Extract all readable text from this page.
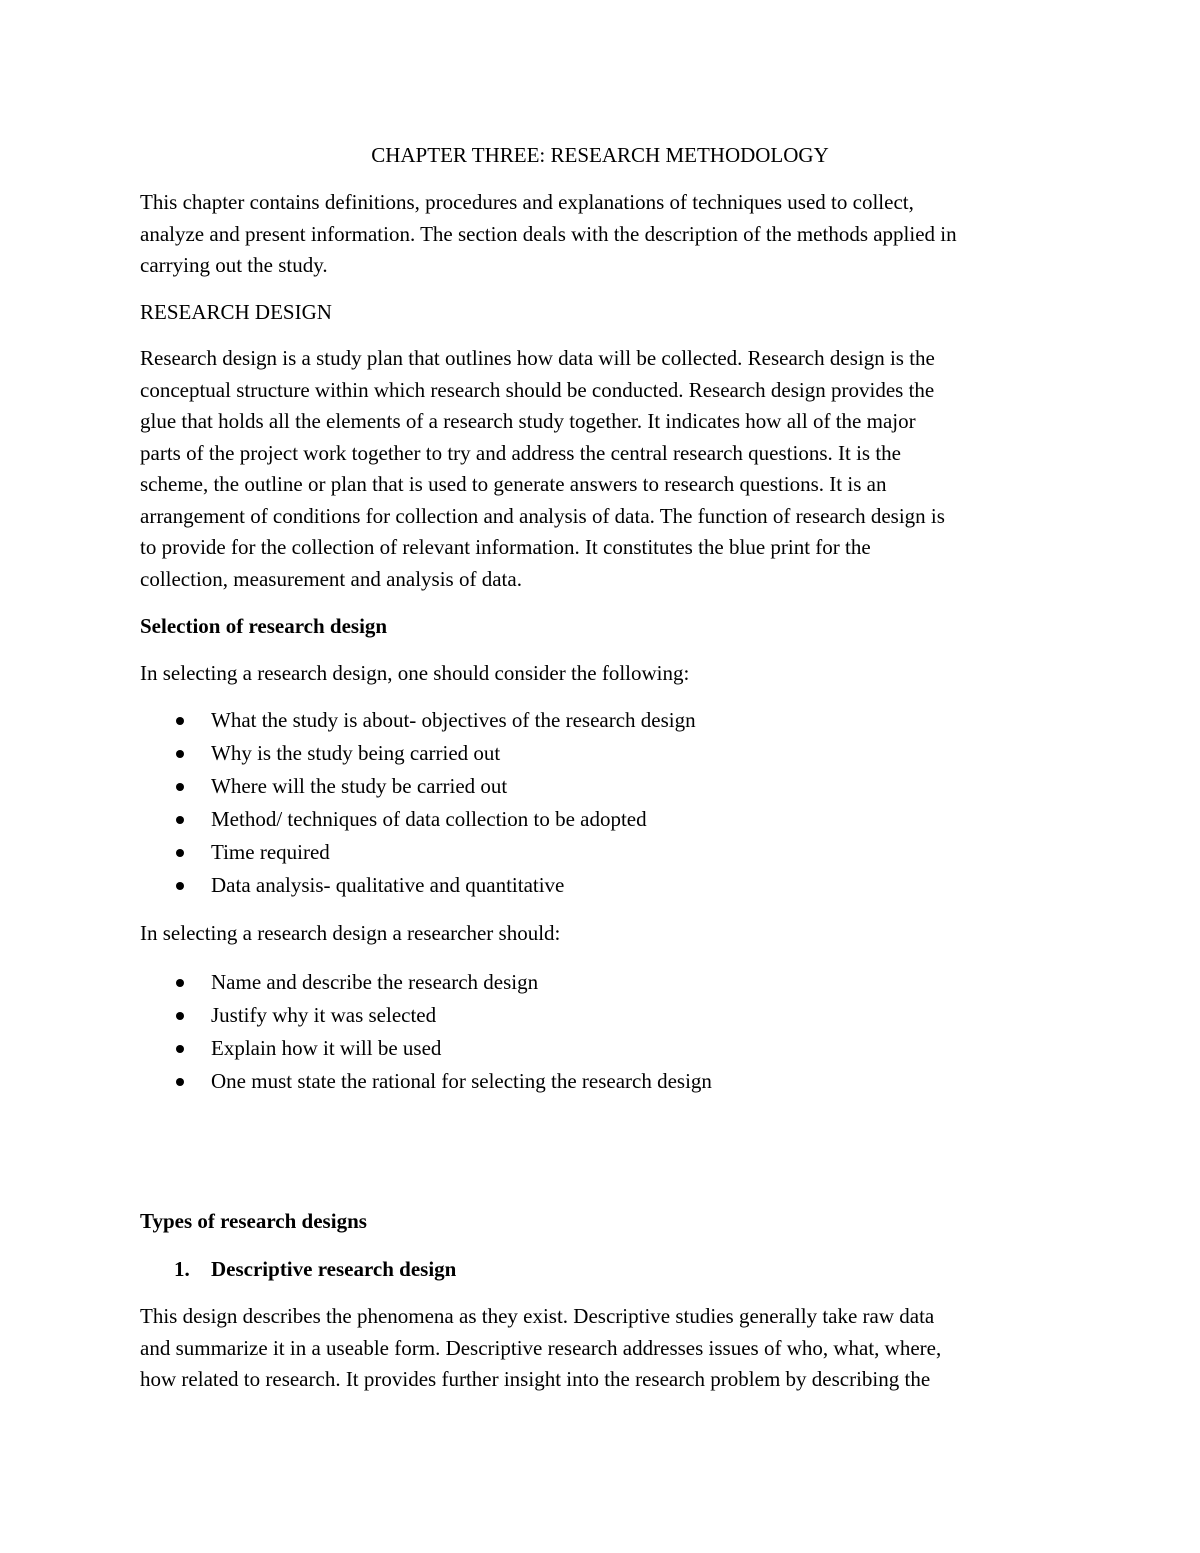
CHAPTER THREE: RESEARCH METHODOLOGY
This chapter contains definitions, procedures and explanations of techniques used to collect,
analyze and present information. The section deals with the description of the methods applied in
carrying out the study.
RESEARCH DESIGN
Research design is a study plan that outlines how data will be collected. Research design is the
conceptual structure within which research should be conducted. Research design provides the
glue that holds all the elements of a research study together. It indicates how all of the major
parts of the project work together to try and address the central research questions. It is the
scheme, the outline or plan that is used to generate answers to research questions. It is an
arrangement of conditions for collection and analysis of data. The function of research design is
to provide for the collection of relevant information. It constitutes the blue print for the
collection, measurement and analysis of data.
Selection of research design
In selecting a research design, one should consider the following:
What the study is about- objectives of the research design
Why is the study being carried out
Where will the study be carried out
Method/ techniques of data collection to be adopted
Time required
Data analysis- qualitative and quantitative
In selecting a research design a researcher should:
Name and describe the research design
Justify why it was selected
Explain how it will be used
One must state the rational for selecting the research design
Types of research designs
1. Descriptive research design
This design describes the phenomena as they exist. Descriptive studies generally take raw data
and summarize it in a useable form. Descriptive research addresses issues of who, what, where,
how related to research. It provides further insight into the research problem by describing the
